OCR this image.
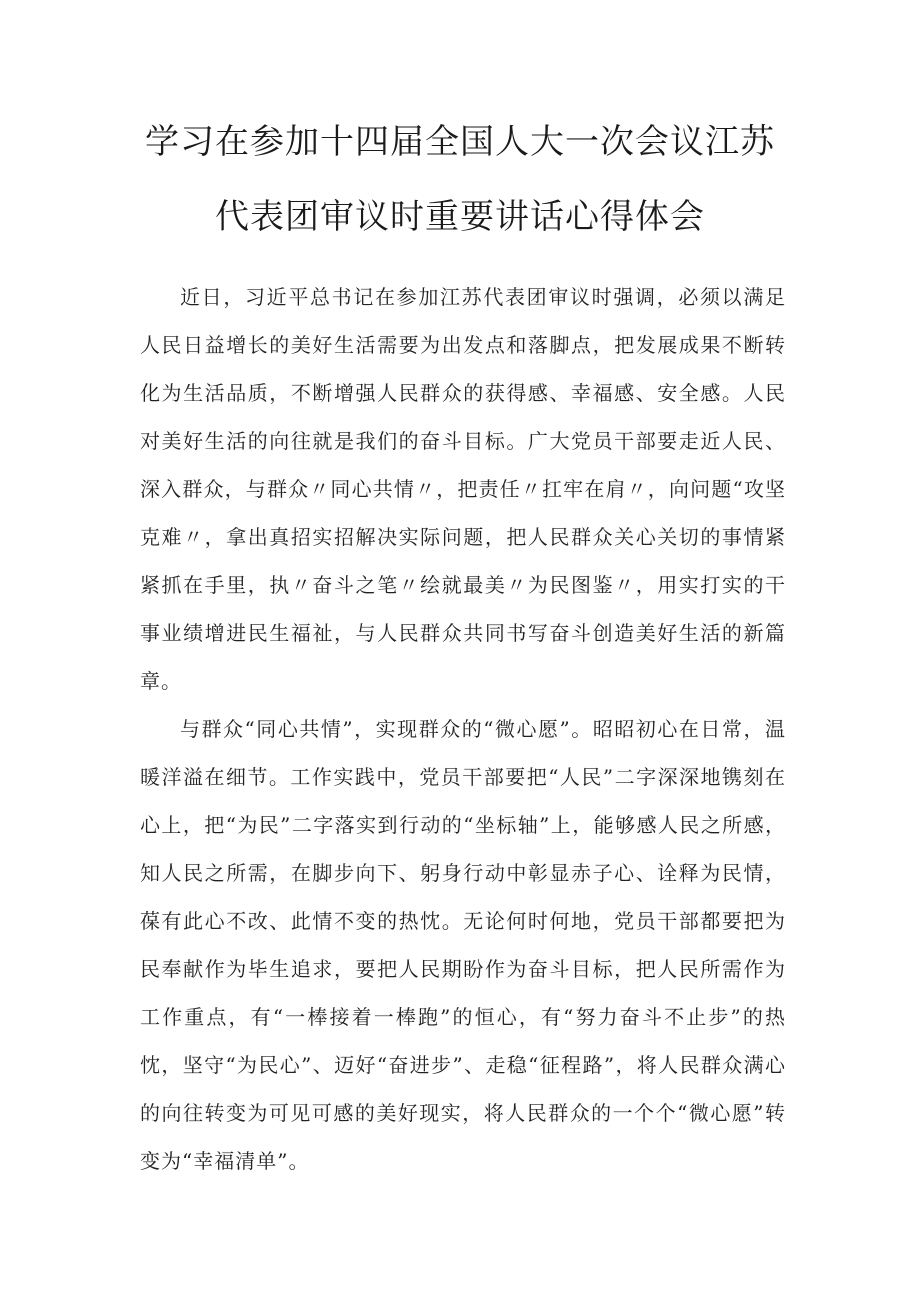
学习在参加十四届全国人大一次会议江苏
代表团审议时重要讲话心得体会

近日，习近平总书记在参加江苏代表团审议时强调，必须以满足人民日益增长的美好生活需要为出发点和落脚点，把发展成果不断转化为生活品质，不断增强人民群众的获得感、幸福感、安全感。人民对美好生活的向往就是我们的奋斗目标。广大党员干部要走近人民、深入群众，与群众〃同心共情〃，把责任〃扛牢在肩〃，向问题“攻坚克难〃，拿出真招实招解决实际问题，把人民群众关心关切的事情紧紧抓在手里，执〃奋斗之笔〃绘就最美〃为民图鉴〃，用实打实的干事业绩增进民生福祉，与人民群众共同书写奋斗创造美好生活的新篇章。

与群众“同心共情”，实现群众的“微心愿”。昭昭初心在日常，温暖洋溢在细节。工作实践中，党员干部要把“人民”二字深深地镌刻在心上，把“为民”二字落实到行动的“坐标轴”上，能够感人民之所感，知人民之所需，在脚步向下、躬身行动中彰显赤子心、诠释为民情，葆有此心不改、此情不变的热忱。无论何时何地，党员干部都要把为民奉献作为毕生追求，要把人民期盼作为奋斗目标，把人民所需作为工作重点，有“一棒接着一棒跑”的恒心，有“努力奋斗不止步”的热忱，坚守“为民心”、迈好“奋进步”、走稳“征程路”，将人民群众满心的向往转变为可见可感的美好现实，将人民群众的一个个“微心愿”转变为“幸福清单”。
